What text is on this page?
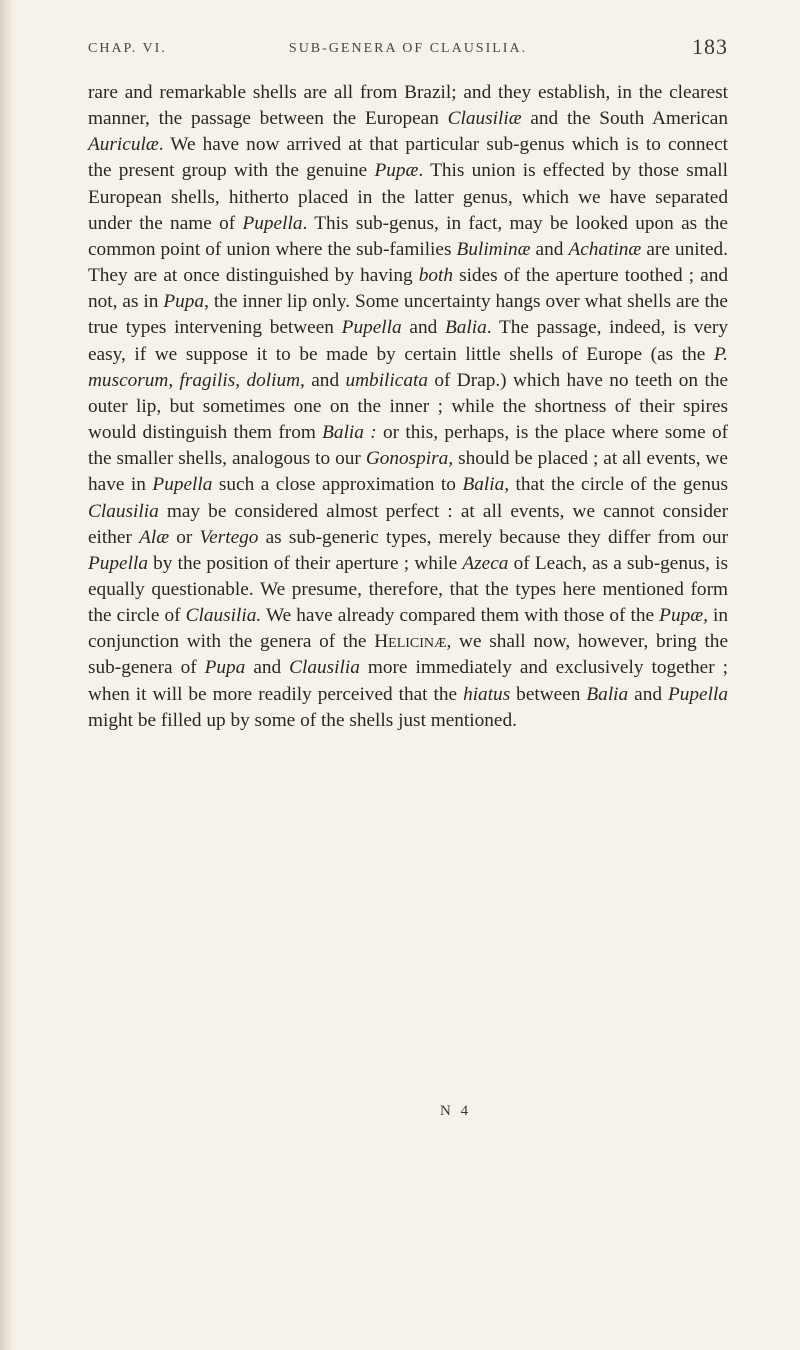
CHAP. VI.	SUB-GENERA OF CLAUSILIA.	183

rare and remarkable shells are all from Brazil; and they establish, in the clearest manner, the passage between the European Clausiliæ and the South American Auriculæ. We have now arrived at that particular sub-genus which is to connect the present group with the genuine Pupæ. This union is effected by those small European shells, hitherto placed in the latter genus, which we have separated under the name of Pupella. This sub-genus, in fact, may be looked upon as the common point of union where the sub-families Buliminæ and Achatinæ are united. They are at once distinguished by having both sides of the aperture toothed ; and not, as in Pupa, the inner lip only. Some uncertainty hangs over what shells are the true types intervening between Pupella and Balia. The passage, indeed, is very easy, if we suppose it to be made by certain little shells of Europe (as the P. muscorum, fragilis, dolium, and umbilicata of Drap.) which have no teeth on the outer lip, but sometimes one on the inner ; while the shortness of their spires would distinguish them from Balia : or this, perhaps, is the place where some of the smaller shells, analogous to our Gonospira, should be placed ; at all events, we have in Pupella such a close approximation to Balia, that the circle of the genus Clausilia may be considered almost perfect : at all events, we cannot consider either Alæ or Vertego as sub-generic types, merely because they differ from our Pupella by the position of their aperture ; while Azeca of Leach, as a sub-genus, is equally questionable. We presume, therefore, that the types here mentioned form the circle of Clausilia. We have already compared them with those of the Pupæ, in conjunction with the genera of the Helicinæ, we shall now, however, bring the sub-genera of Pupa and Clausilia more immediately and exclusively together ; when it will be more readily perceived that the hiatus between Balia and Pupella might be filled up by some of the shells just mentioned.

N 4
